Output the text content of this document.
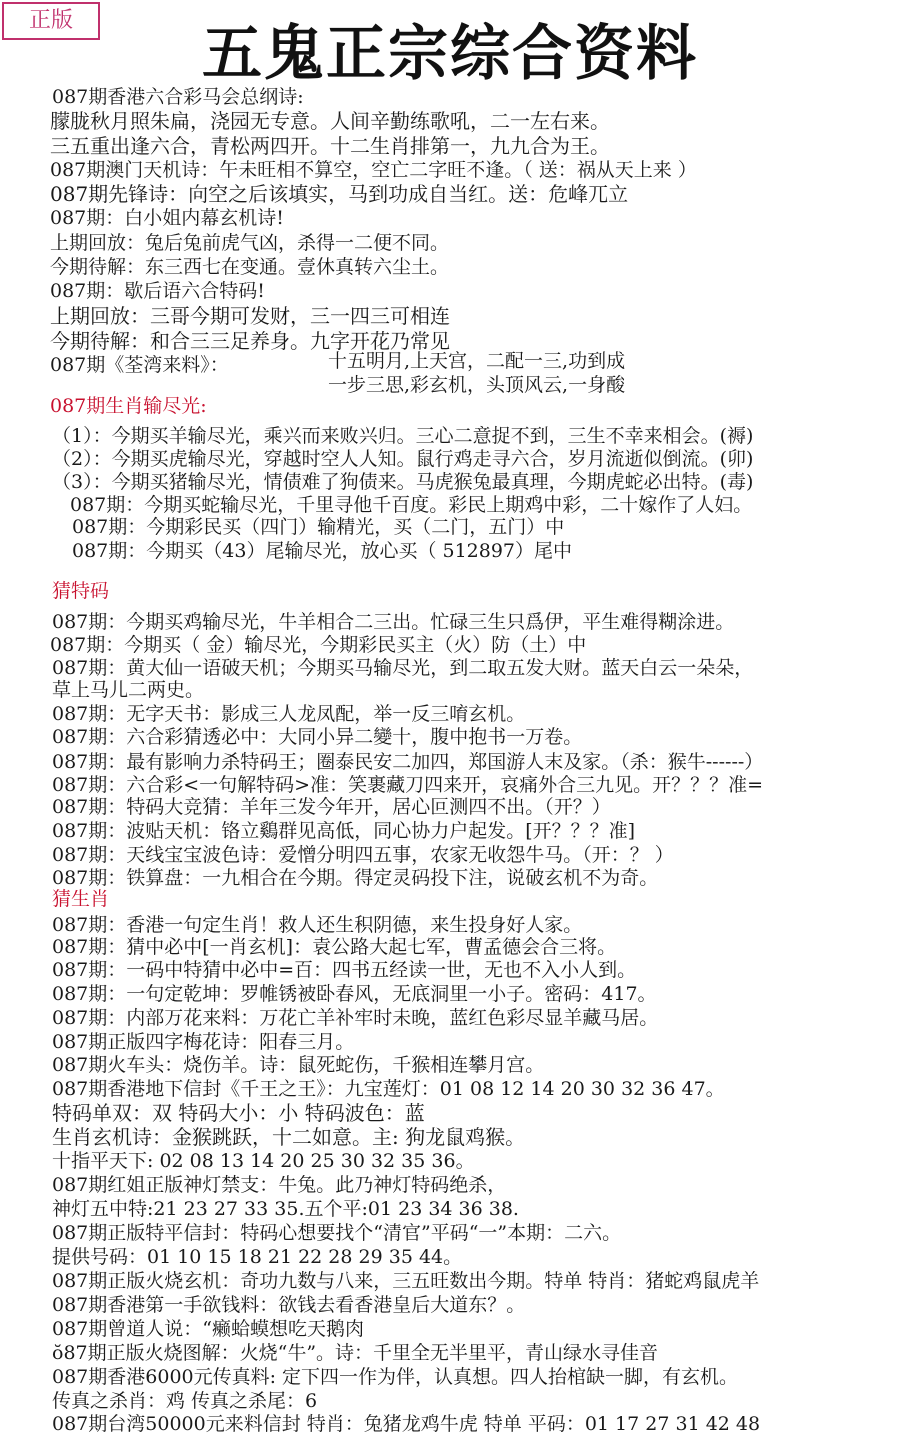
正版	五鬼正宗综合资料
087期香港六合彩马会总纲诗:
朦胧秋月照朱扁，浇园无专意。人间辛勤练歌吼，二一左右来。
三五重出逢六合，青松两四开。十二生肖排第一，九九合为王。
087期澳门天机诗：午未旺相不算空，空亡二字旺不逢。（ 送：祸从天上来 ）
087期先锋诗：向空之后该填实，马到功成自当红。送：危峰兀立
087期：白小姐内幕玄机诗!
上期回放：兔后兔前虎气凶，杀得一二便不同。
今期待解：东三西七在变通。壹休真转六尘土。
087期：歇后语六合特码!
上期回放：三哥今期可发财，三一四三可相连
今期待解：和合三三足养身。九字开花乃常见
087期《荃湾来料》：	十五明月,上天宫，二配一三,功到成
一步三思,彩玄机，头顶风云,一身酸
087期生肖输尽光:
（1）：今期买羊输尽光，乘兴而来败兴归。三心二意捉不到，三生不幸来相会。(褥)
（2）：今期买虎输尽光，穿越时空人人知。鼠行鸡走寻六合，岁月流逝似倒流。(卯)
（3）：今期买猪输尽光，情债难了狗债来。马虎猴兔最真理，今期虎蛇必出特。(毒)
087期：今期买蛇输尽光，千里寻他千百度。彩民上期鸡中彩，二十嫁作了人妇。
087期：今期彩民买（四门）输精光，买（二门，五门）中
087期：今期买（43）尾输尽光，放心买（ 512897）尾中
猜特码
087期：今期买鸡输尽光，牛羊相合二三出。忙碌三生只爲伊，平生难得糊涂进。
087期：今期买（ 金）输尽光，今期彩民买主（火）防（土）中
087期：黄大仙一语破天机；今期买马输尽光，到二取五发大财。蓝天白云一朵朵，
草上马儿二两史。
087期：无字天书：影成三人龙凤配，举一反三唷玄机。
087期：六合彩猜透必中：大同小异二變十，腹中抱书一万卷。
087期：最有影响力杀特码王；圈泰民安二加四，郑国游人末及家。（杀：猴牛------）
087期：六合彩<一句解特码>准：笑裹藏刀四来开，哀痛外合三九见。开？？？准=
087期：特码大竞猜：羊年三发今年开，居心叵测四不出。（开？）
087期：波贴天机：铬立鷄群见高低，同心协力户起发。[开？？？准]
087期：天线宝宝波色诗：爱憎分明四五事，农家无收怨牛马。（开：？ ）
087期：铁算盘：一九相合在今期。得定灵码投下注，说破玄机不为奇。
猜生肖
087期：香港一句定生肖！救人还生积阴德，来生投身好人家。
087期：猜中必中[一肖玄机]：袁公路大起七军，曹孟德会合三将。
087期：一码中特猜中必中=百：四书五经读一世，无也不入小人到。
087期：一句定乾坤：罗帷锈被卧春风，无底洞里一小子。密码：417。
087期：内部万花来料：万花亡羊补牢时未晚，蓝红色彩尽显羊藏马居。
087期正版四字梅花诗：阳春三月。
087期火车头：烧伤羊。诗：鼠死蛇伤，千猴相连攀月宫。
087期香港地下信封《千王之王》：九宝莲灯：01 08 12 14 20 30 32 36 47。
特码单双：双 特码大小：小 特码波色：蓝
生肖玄机诗：金猴跳跃，十二如意。主: 狗龙鼠鸡猴。
十指平天下: 02 08 13 14 20 25 30 32 35 36。
087期红姐正版神灯禁支：牛兔。此乃神灯特码绝杀，
神灯五中特:21 23 27 33 35.五个平:01 23 34 36 38.
087期正版特平信封：特码心想要找个“清官”平码“一”本期：二六。
提供号码：01 10 15 18 21 22 28 29 35 44。
087期正版火烧玄机：奇功九数与八来，三五旺数出今期。特单 特肖：猪蛇鸡鼠虎羊
087期香港第一手欲钱料：欲钱去看香港皇后大道东？。
087期曾道人说：“癞蛤蟆想吃天鹅肉
ŏ87期正版火烧图解：火烧“牛”。诗：千里全无半里平，青山绿水寻佳音
087期香港6000元传真料: 定下四一作为伴，认真想。四人抬棺缺一脚，有玄机。
传真之杀肖：鸡 传真之杀尾：6
087期台湾50000元来料信封 特肖：兔猪龙鸡牛虎 特单 平码：01 17 27 31 42 48
